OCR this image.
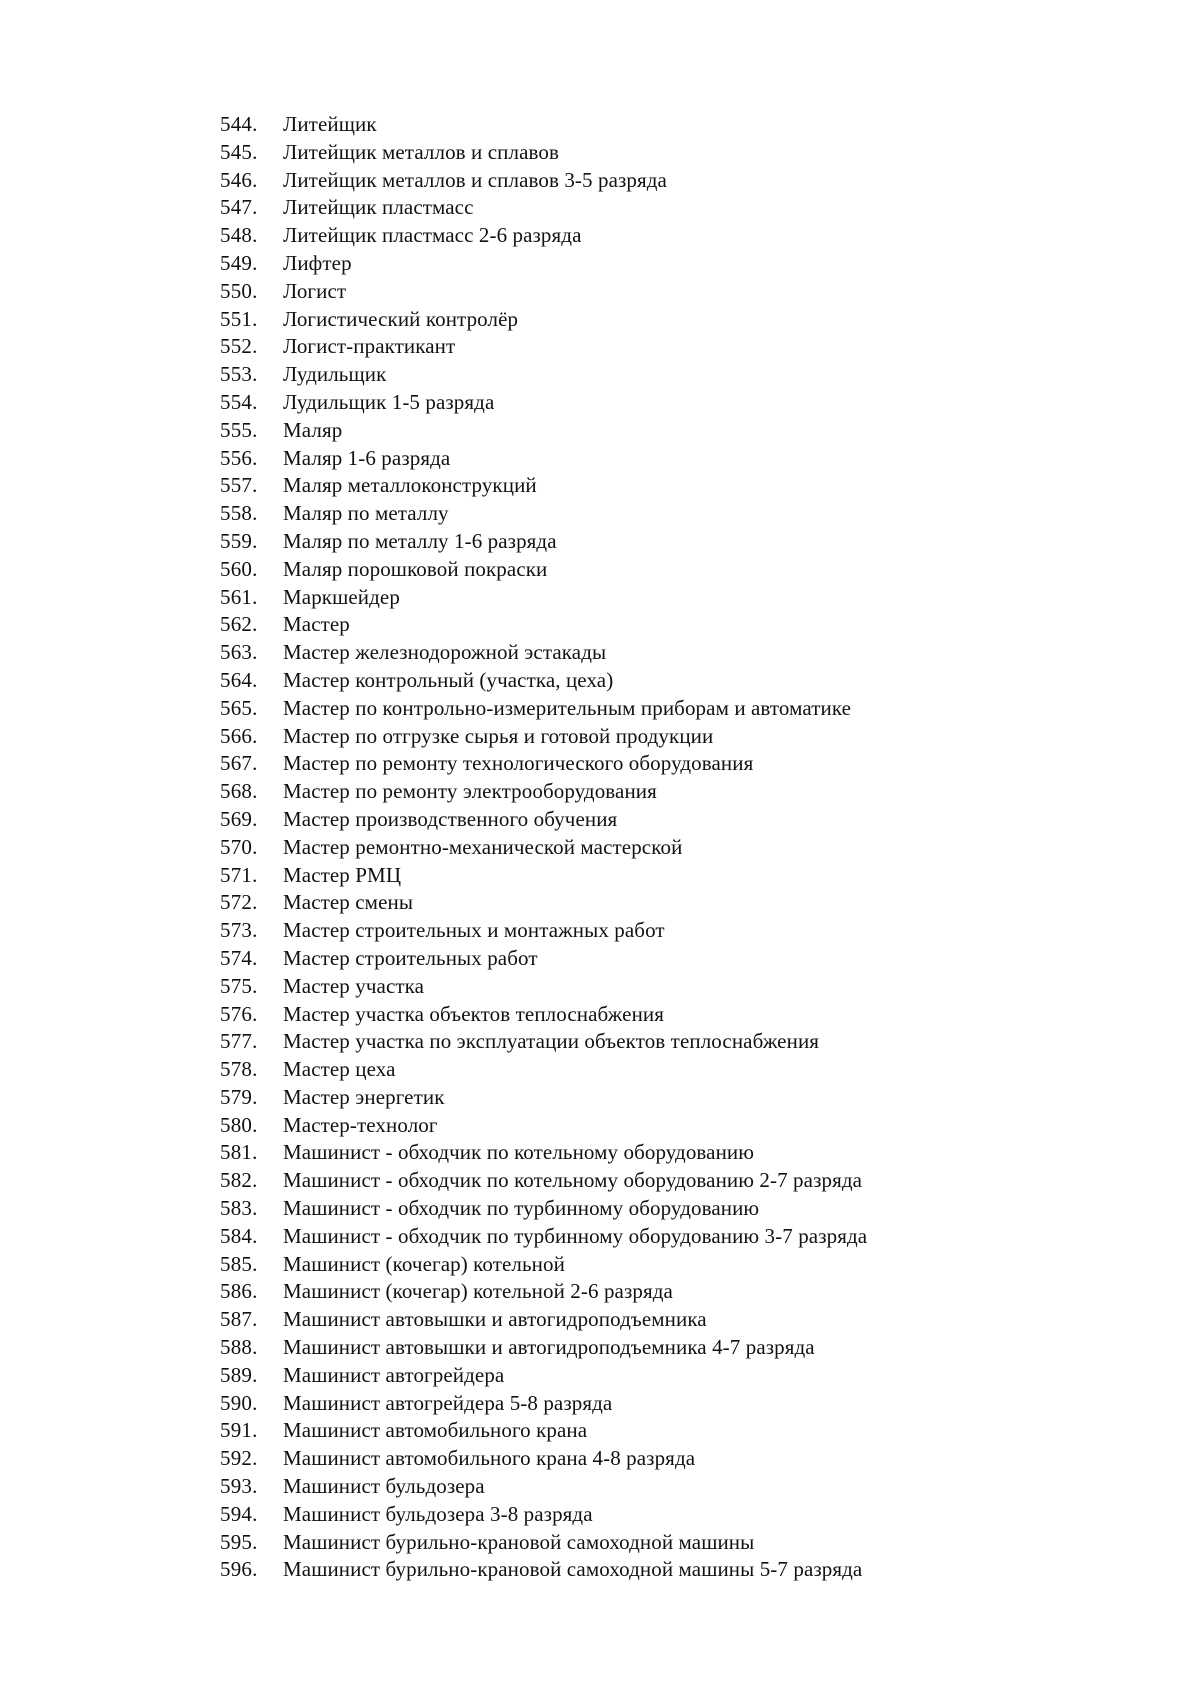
544.	Литейщик
545.	Литейщик металлов и сплавов
546.	Литейщик металлов и сплавов 3-5 разряда
547.	Литейщик пластмасс
548.	Литейщик пластмасс 2-6 разряда
549.	Лифтер
550.	Логист
551.	Логистический контролёр
552.	Логист-практикант
553.	Лудильщик
554.	Лудильщик 1-5 разряда
555.	Маляр
556.	Маляр 1-6 разряда
557.	Маляр металлоконструкций
558.	Маляр по металлу
559.	Маляр по металлу 1-6 разряда
560.	Маляр порошковой покраски
561.	Маркшейдер
562.	Мастер
563.	Мастер железнодорожной эстакады
564.	Мастер контрольный (участка, цеха)
565.	Мастер по контрольно-измерительным приборам и автоматике
566.	Мастер по отгрузке сырья и готовой продукции
567.	Мастер по ремонту технологического оборудования
568.	Мастер по ремонту электрооборудования
569.	Мастер производственного обучения
570.	Мастер ремонтно-механической мастерской
571.	Мастер РМЦ
572.	Мастер смены
573.	Мастер строительных и монтажных работ
574.	Мастер строительных работ
575.	Мастер участка
576.	Мастер участка объектов теплоснабжения
577.	Мастер участка по эксплуатации объектов теплоснабжения
578.	Мастер цеха
579.	Мастер энергетик
580.	Мастер-технолог
581.	Машинист - обходчик по котельному оборудованию
582.	Машинист - обходчик по котельному оборудованию 2-7 разряда
583.	Машинист - обходчик по турбинному оборудованию
584.	Машинист - обходчик по турбинному оборудованию 3-7 разряда
585.	Машинист (кочегар) котельной
586.	Машинист (кочегар) котельной 2-6 разряда
587.	Машинист автовышки и автогидроподъемника
588.	Машинист автовышки и автогидроподъемника 4-7 разряда
589.	Машинист автогрейдера
590.	Машинист автогрейдера 5-8 разряда
591.	Машинист автомобильного крана
592.	Машинист автомобильного крана 4-8 разряда
593.	Машинист бульдозера
594.	Машинист бульдозера 3-8 разряда
595.	Машинист бурильно-крановой самоходной машины
596.	Машинист бурильно-крановой самоходной машины 5-7 разряда
